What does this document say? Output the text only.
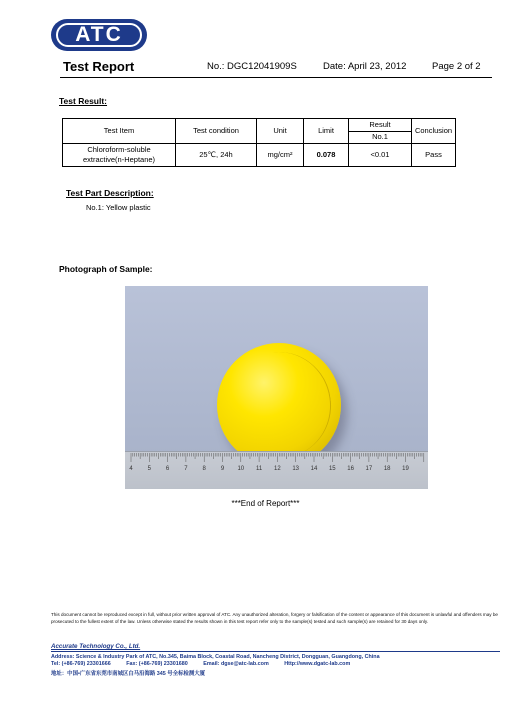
ATC
Test Report	No.: DGC12041909S	Date: April 23, 2012	Page 2 of 2
Test Result:
Test Item	Test condition	Unit	Limit	Result	Conclusion
				No.1	

Chloroform-soluble
extractive(n-Heptane)	25℃, 24h	mg/cm²	0.078	<0.01	Pass
Test Part Description:
No.1: Yellow plastic
Photograph of Sample:
4 5 6 7 8 9 10 11 12 13 14 15 16 17 18 19
***End of Report***
This document cannot be reproduced except in full, without prior written approval of ATC. Any unauthorized alteration, forgery or falsification of the content or appearance of this document is unlawful and offenders may be prosecuted to the fullest extent of the law. Unless otherwise stated the results shown in this test report refer only to the sample(s) tested and such sample(s) are retained for 30 days only.
Accurate Technology Co., Ltd.
Address: Science & Industry Park of ATC, No.345, Baima Block, Coastal Road, Nancheng District, Dongguan, Guangdong, China
Tel: (+86-769) 23301666	Fax: (+86-769) 23301680	Email: dgse@atc-lab.com	Http://www.dgatc-lab.com
地址：中国•广东省东莞市南城区白马沿海路 345 号全标检测大厦
